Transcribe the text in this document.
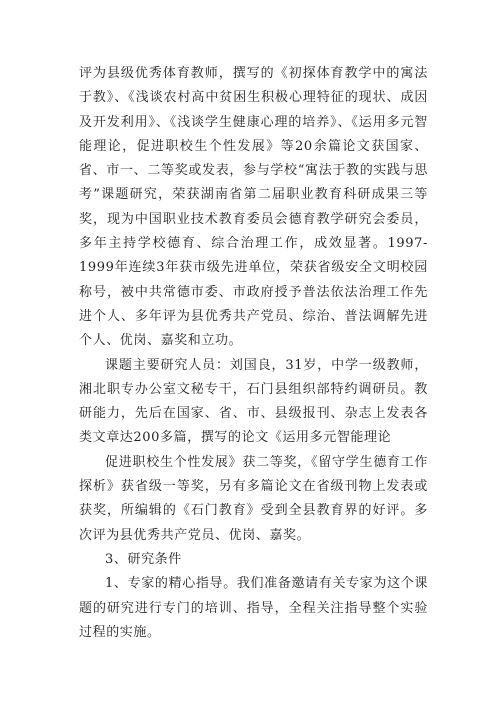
评为县级优秀体育教师，撰写的《初探体育教学中的寓法于教》、《浅谈农村高中贫困生积极心理特征的现状、成因及开发利用》、《浅谈学生健康心理的培养》、《运用多元智能理论，促进职校生个性发展》等20余篇论文获国家、省、市一、二等奖或发表，参与学校“寓法于教的实践与思考”课题研究，荣获湖南省第二届职业教育科研成果三等奖，现为中国职业技术教育委员会德育教学研究会委员，多年主持学校德育、综合治理工作，成效显著。1997-1999年连续3年获市级先进单位，荣获省级安全文明校园称号，被中共常德市委、市政府授予普法依法治理工作先进个人、多年评为县优秀共产党员、综治、普法调解先进个人、优岗、嘉奖和立功。

课题主要研究人员：刘国良，31岁，中学一级教师，湘北职专办公室文秘专干，石门县组织部特约调研员。教研能力，先后在国家、省、市、县级报刊、杂志上发表各类文章达200多篇，撰写的论文《运用多元智能理论

促进职校生个性发展》获二等奖，《留守学生德育工作探析》获省级一等奖，另有多篇论文在省级刊物上发表或获奖，所编辑的《石门教育》受到全县教育界的好评。多次评为县优秀共产党员、优岗、嘉奖。

3、研究条件

1、专家的精心指导。我们准备邀请有关专家为这个课题的研究进行专门的培训、指导，全程关注指导整个实验过程的实施。
